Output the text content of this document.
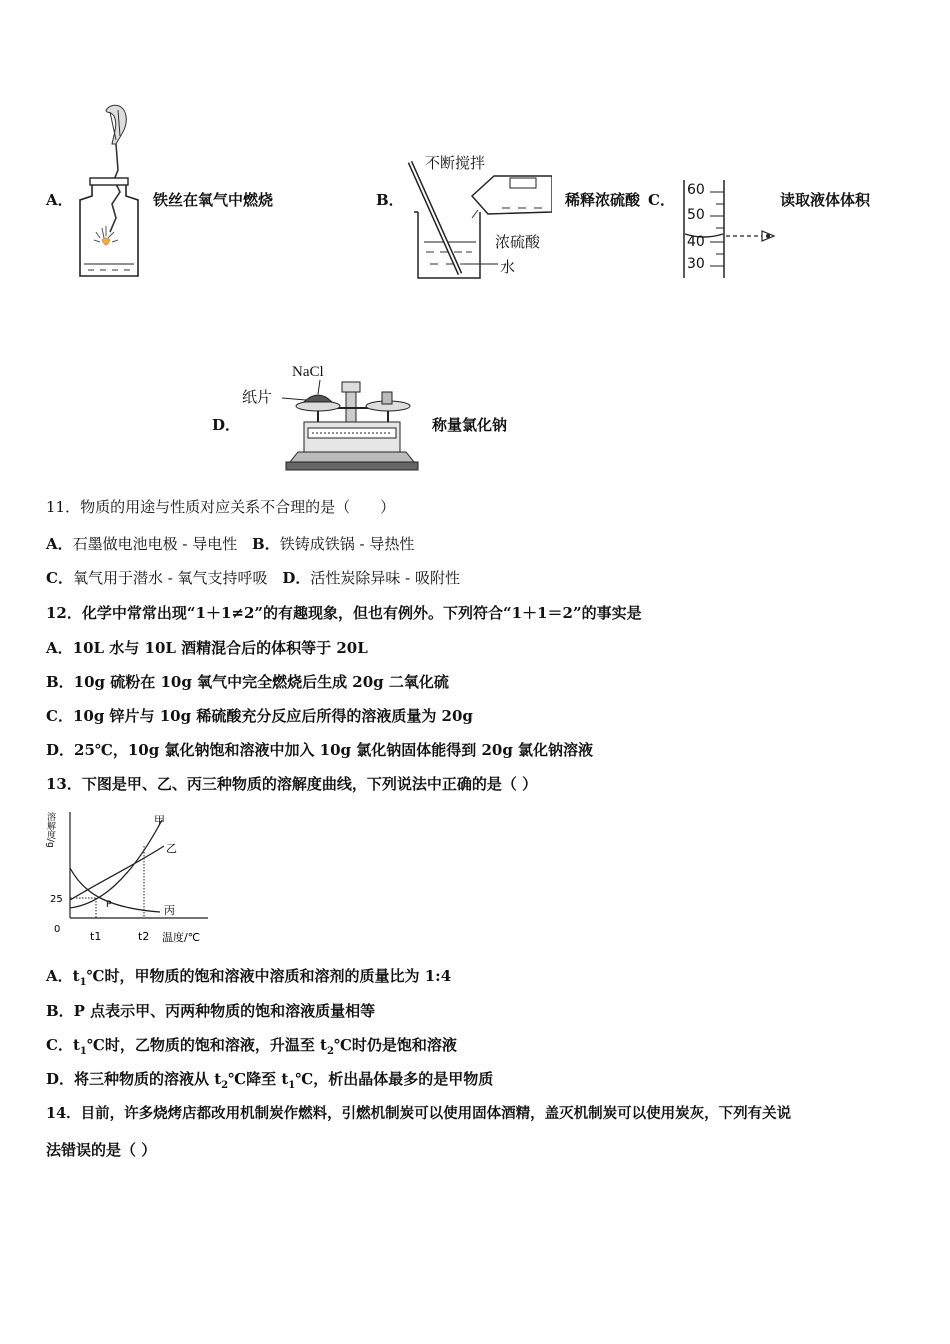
A．	铁丝在氧气中燃烧	B．
不断搅拌
浓硫酸
水
稀释浓硫酸 C．
60
50
40
30
读取液体体积
D．
NaCl
纸片
称量氯化钠
11．物质的用途与性质对应关系不合理的是（　　）
A．石墨做电池电极 - 导电性 B．铁铸成铁锅 - 导热性
C．氧气用于潜水 - 氧气支持呼吸 D．活性炭除异味 - 吸附性
12．化学中常常出现“1＋1≠2”的有趣现象，但也有例外。下列符合“1＋1＝2”的事实是
A．10L 水与 10L 酒精混合后的体积等于 20L
B．10g 硫粉在 10g 氧气中完全燃烧后生成 20g 二氧化硫
C．10g 锌片与 10g 稀硫酸充分反应后所得的溶液质量为 20g
D．25℃，10g 氯化钠饱和溶液中加入 10g 氯化钠固体能得到 20g 氯化钠溶液
13．下图是甲、乙、丙三种物质的溶解度曲线，下列说法中正确的是（ ）
溶解度/g	甲
乙
丙
P
25
0
t1	t2 温度/℃
A．$t_1℃$时，甲物质的饱和溶液中溶质和溶剂的质量比为 1:4
B．P 点表示甲、丙两种物质的饱和溶液质量相等
C．$t_1℃$时，乙物质的饱和溶液，升温至 $t_2℃$时仍是饱和溶液
D．将三种物质的溶液从 $t_2℃$降至 $t_1℃$，析出晶体最多的是甲物质
14．目前，许多烧烤店都改用机制炭作燃料，引燃机制炭可以使用固体酒精，盖灭机制炭可以使用炭灰，下列有关说
法错误的是（ ）
